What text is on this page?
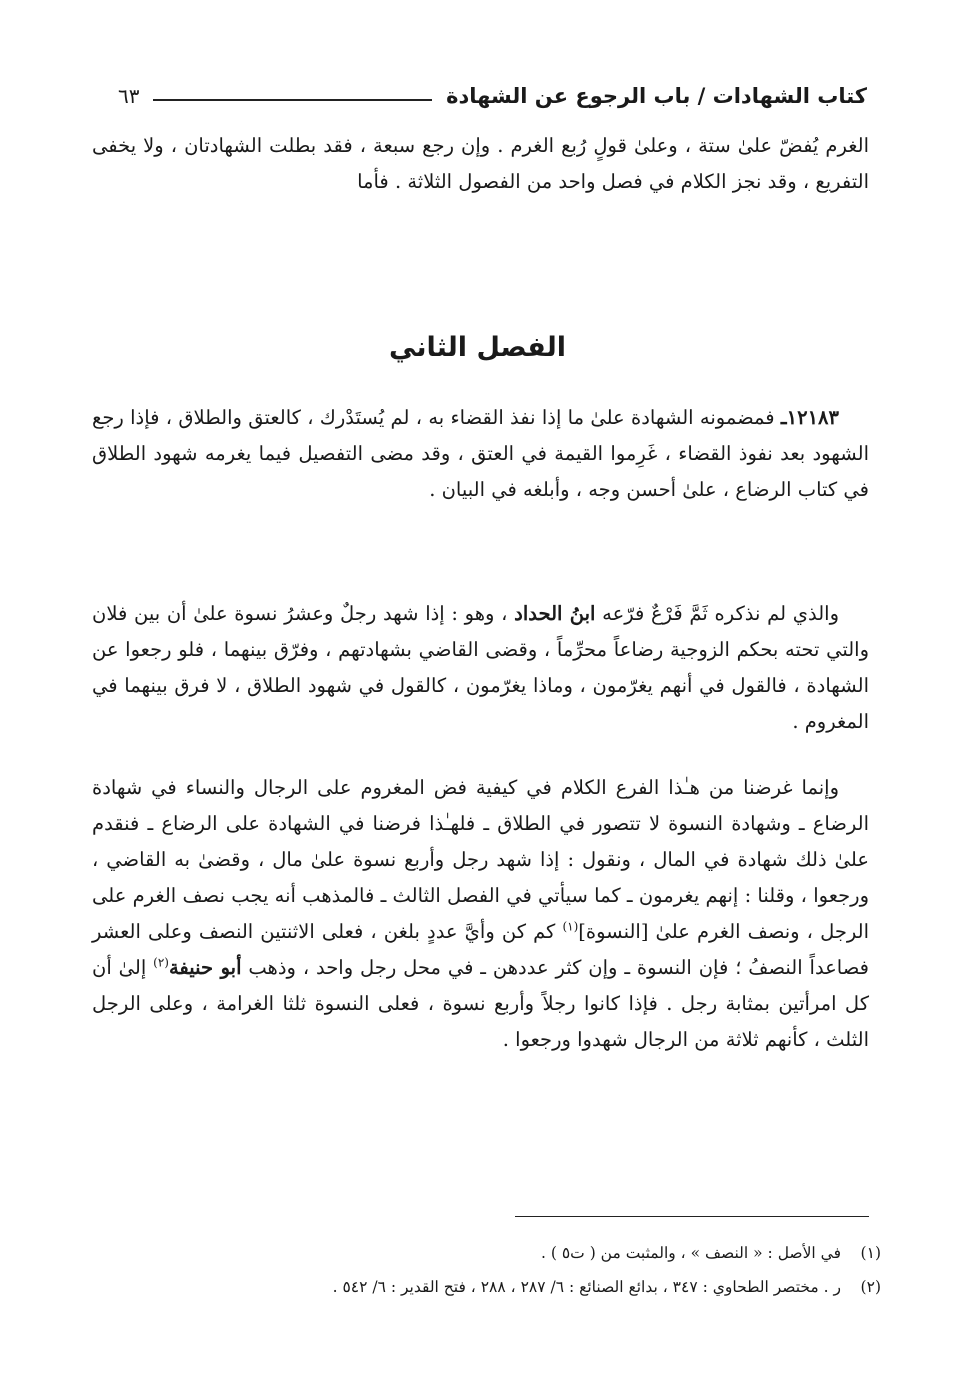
كتاب الشهادات / باب الرجوع عن الشهادة
٦٣

الغرم يُفضّ علىٰ ستة ، وعلىٰ قولٍ رُبع الغرم . وإن رجع سبعة ، فقد بطلت الشهادتان ، ولا يخفى التفريع ، وقد نجز الكلام في فصل واحد من الفصول الثلاثة . فأما

الفصل الثاني

١٢١٨٣ـ فمضمونه الشهادة علىٰ ما إذا نفذ القضاء به ، لم يُستَدْرك ، كالعتق والطلاق ، فإذا رجع الشهود بعد نفوذ القضاء ، غَرِموا القيمة في العتق ، وقد مضى التفصيل فيما يغرمه شهود الطلاق في كتاب الرضاع ، علىٰ أحسن وجه ، وأبلغه في البيان .

والذي لم نذكره ثَمَّ فَرْعٌ فرّعه ابنُ الحداد ، وهو : إذا شهد رجلٌ وعشرُ نسوة علىٰ أن بين فلان والتي تحته بحكم الزوجية رضاعاً محرِّماً ، وقضى القاضي بشهادتهم ، وفرّق بينهما ، فلو رجعوا عن الشهادة ، فالقول في أنهم يغرّمون ، وماذا يغرّمون ، كالقول في شهود الطلاق ، لا فرق بينهما في المغروم .

وإنما غرضنا من هـٰذا الفرع الكلام في كيفية فض المغروم على الرجال والنساء في شهادة الرضاع ـ وشهادة النسوة لا تتصور في الطلاق ـ فلهـٰذا فرضنا في الشهادة على الرضاع ـ فنقدم علىٰ ذلك شهادة في المال ، ونقول : إذا شهد رجل وأربع نسوة علىٰ مال ، وقضىٰ به القاضي ، ورجعوا ، وقلنا : إنهم يغرمون ـ كما سيأتي في الفصل الثالث ـ فالمذهب أنه يجب نصف الغرم على الرجل ، ونصف الغرم علىٰ [النسوة]$^{(١)}$ كم كن وأيَّ عددٍ بلغن ، فعلى الاثنتين النصف وعلى العشر فصاعداً النصفُ ؛ فإن النسوة ـ وإن كثر عددهن ـ في محل رجل واحد ، وذهب أبو حنيفة$^{(٢)}$ إلىٰ أن كل امرأتين بمثابة رجل . فإذا كانوا رجلاً وأربع نسوة ، فعلى النسوة ثلثا الغرامة ، وعلى الرجل الثلث ، كأنهم ثلاثة من الرجال شهدوا ورجعوا .

(١)في الأصل : « النصف » ، والمثبت من ( ت٥ ) .
(٢)ر . مختصر الطحاوي : ٣٤٧ ، بدائع الصنائع : ٦/ ٢٨٧ ، ٢٨٨ ، فتح القدير : ٦/ ٥٤٢ .
